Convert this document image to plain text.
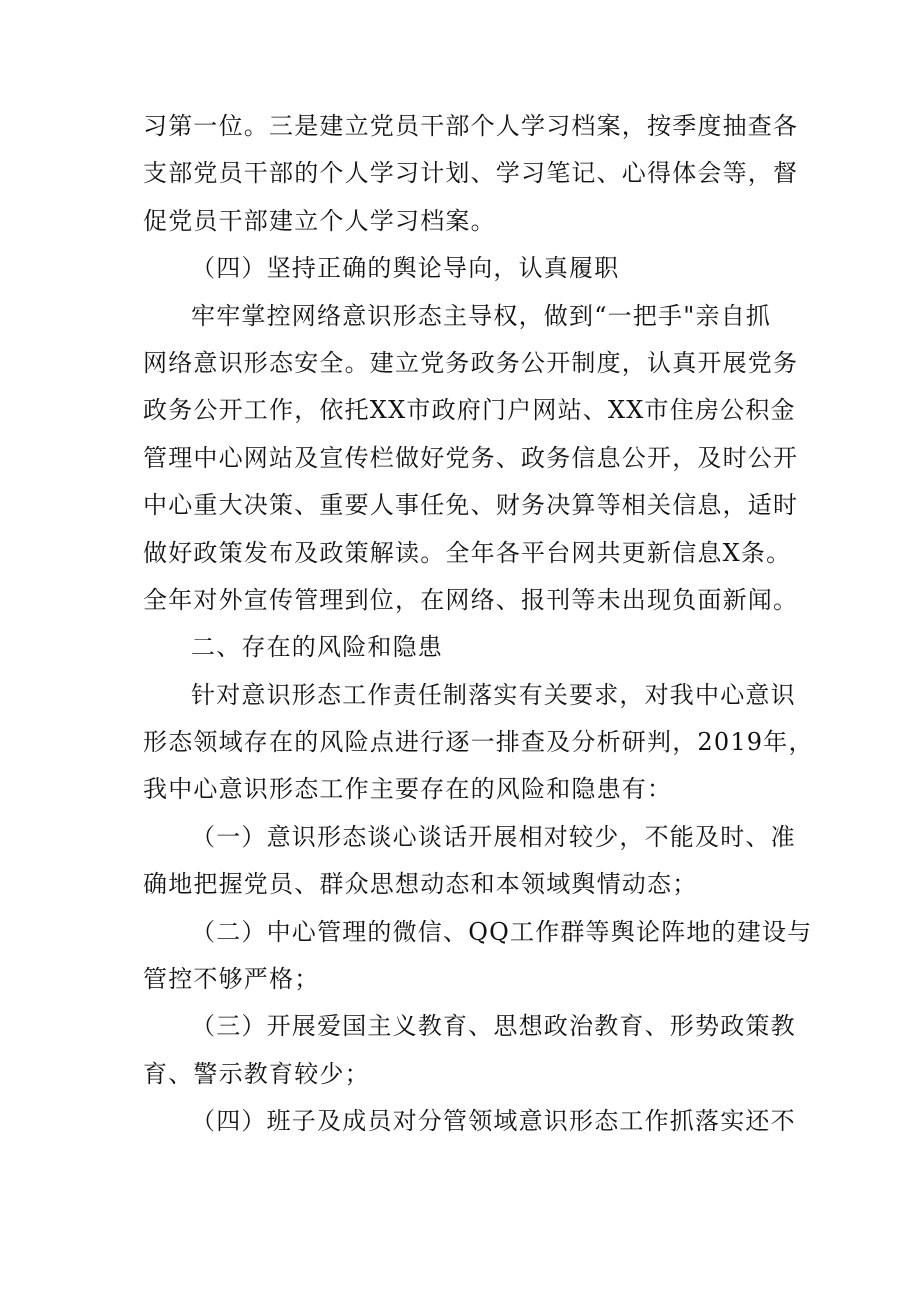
习第一位。三是建立党员干部个人学习档案，按季度抽查各
支部党员干部的个人学习计划、学习笔记、心得体会等，督
促党员干部建立个人学习档案。
（四）坚持正确的舆论导向，认真履职
牢牢掌控网络意识形态主导权，做到“一把手"亲自抓
网络意识形态安全。建立党务政务公开制度，认真开展党务
政务公开工作，依托XX市政府门户网站、XX市住房公积金
管理中心网站及宣传栏做好党务、政务信息公开，及时公开
中心重大决策、重要人事任免、财务决算等相关信息，适时
做好政策发布及政策解读。全年各平台网共更新信息X条。
全年对外宣传管理到位，在网络、报刊等未出现负面新闻。
二、存在的风险和隐患
针对意识形态工作责任制落实有关要求，对我中心意识
形态领域存在的风险点进行逐一排查及分析研判，2019年，
我中心意识形态工作主要存在的风险和隐患有：
（一）意识形态谈心谈话开展相对较少，不能及时、准
确地把握党员、群众思想动态和本领域舆情动态；
（二）中心管理的微信、QQ工作群等舆论阵地的建设与
管控不够严格；
（三）开展爱国主义教育、思想政治教育、形势政策教
育、警示教育较少；
（四）班子及成员对分管领域意识形态工作抓落实还不
